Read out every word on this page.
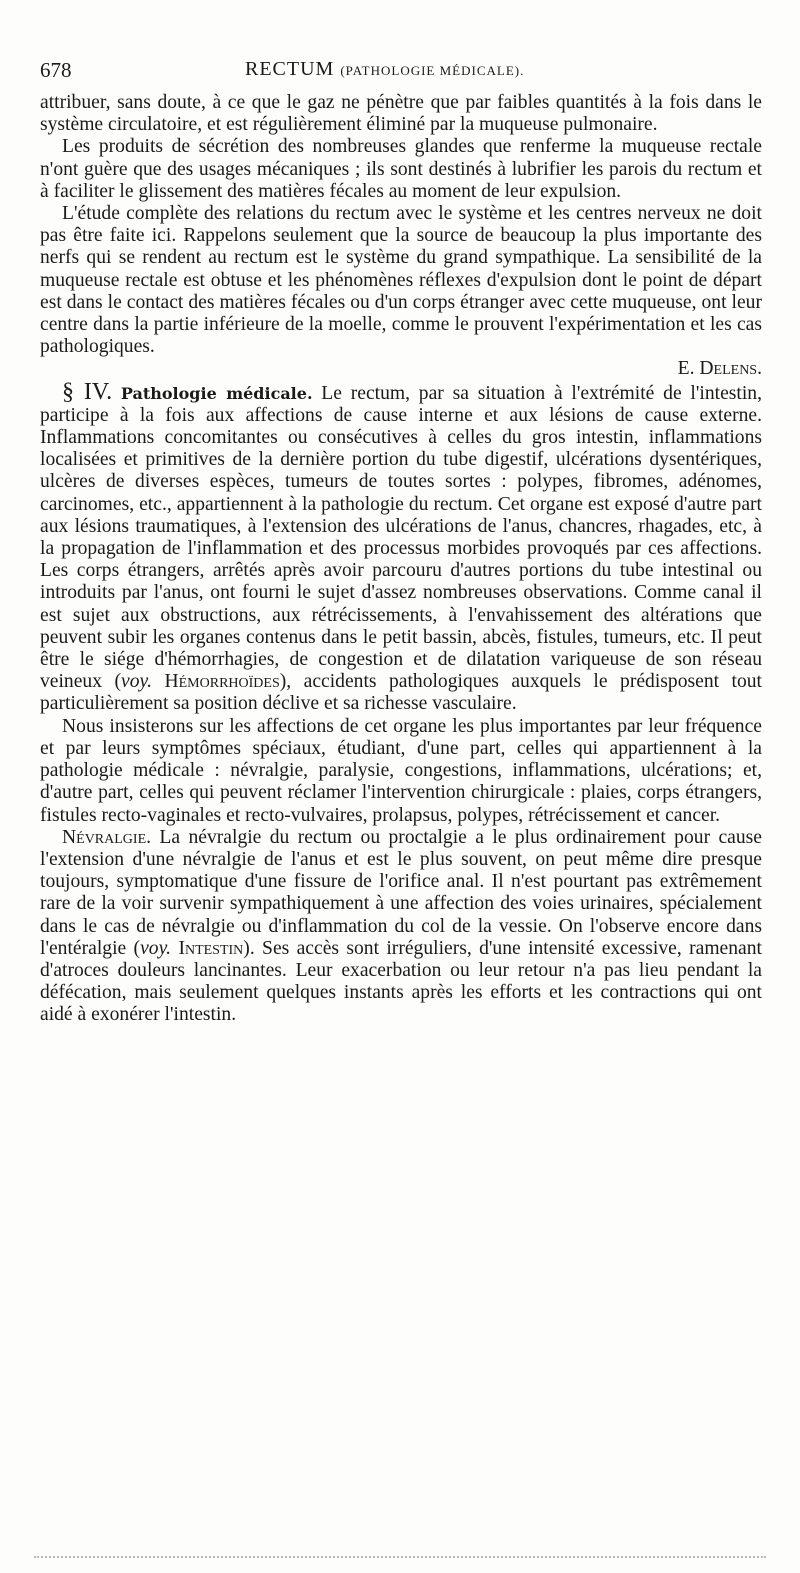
678	RECTUM (PATHOLOGIE MÉDICALE).

attribuer, sans doute, à ce que le gaz ne pénètre que par faibles quantités à la fois dans le système circulatoire, et est régulièrement éliminé par la muqueuse pulmonaire.

Les produits de sécrétion des nombreuses glandes que renferme la muqueuse rectale n'ont guère que des usages mécaniques ; ils sont destinés à lubrifier les parois du rectum et à faciliter le glissement des matières fécales au moment de leur expulsion.

L'étude complète des relations du rectum avec le système et les centres nerveux ne doit pas être faite ici. Rappelons seulement que la source de beaucoup la plus importante des nerfs qui se rendent au rectum est le système du grand sympathique. La sensibilité de la muqueuse rectale est obtuse et les phénomènes réflexes d'expulsion dont le point de départ est dans le contact des matières fécales ou d'un corps étranger avec cette muqueuse, ont leur centre dans la partie inférieure de la moelle, comme le prouvent l'expérimentation et les cas pathologiques.

E. Delens.

§ IV. Pathologie médicale. Le rectum, par sa situation à l'extrémité de l'intestin, participe à la fois aux affections de cause interne et aux lésions de cause externe. Inflammations concomitantes ou consécutives à celles du gros intestin, inflammations localisées et primitives de la dernière portion du tube digestif, ulcérations dysentériques, ulcères de diverses espèces, tumeurs de toutes sortes : polypes, fibromes, adénomes, carcinomes, etc., appartiennent à la pathologie du rectum. Cet organe est exposé d'autre part aux lésions traumatiques, à l'extension des ulcérations de l'anus, chancres, rhagades, etc, à la propagation de l'inflammation et des processus morbides provoqués par ces affections. Les corps étrangers, arrêtés après avoir parcouru d'autres portions du tube intestinal ou introduits par l'anus, ont fourni le sujet d'assez nombreuses observations. Comme canal il est sujet aux obstructions, aux rétrécissements, à l'envahissement des altérations que peuvent subir les organes contenus dans le petit bassin, abcès, fistules, tumeurs, etc. Il peut être le siége d'hémorrhagies, de congestion et de dilatation variqueuse de son réseau veineux (voy. Hémorrhoïdes), accidents pathologiques auxquels le prédisposent tout particulièrement sa position déclive et sa richesse vasculaire.

Nous insisterons sur les affections de cet organe les plus importantes par leur fréquence et par leurs symptômes spéciaux, étudiant, d'une part, celles qui appartiennent à la pathologie médicale : névralgie, paralysie, congestions, inflammations, ulcérations; et, d'autre part, celles qui peuvent réclamer l'intervention chirurgicale : plaies, corps étrangers, fistules recto-vaginales et recto-vulvaires, prolapsus, polypes, rétrécissement et cancer.

Névralgie. La névralgie du rectum ou proctalgie a le plus ordinairement pour cause l'extension d'une névralgie de l'anus et est le plus souvent, on peut même dire presque toujours, symptomatique d'une fissure de l'orifice anal. Il n'est pourtant pas extrêmement rare de la voir survenir sympathiquement à une affection des voies urinaires, spécialement dans le cas de névralgie ou d'inflammation du col de la vessie. On l'observe encore dans l'entéralgie (voy. Intestin). Ses accès sont irréguliers, d'une intensité excessive, ramenant d'atroces douleurs lancinantes. Leur exacerbation ou leur retour n'a pas lieu pendant la défécation, mais seulement quelques instants après les efforts et les contractions qui ont aidé à exonérer l'intestin.
